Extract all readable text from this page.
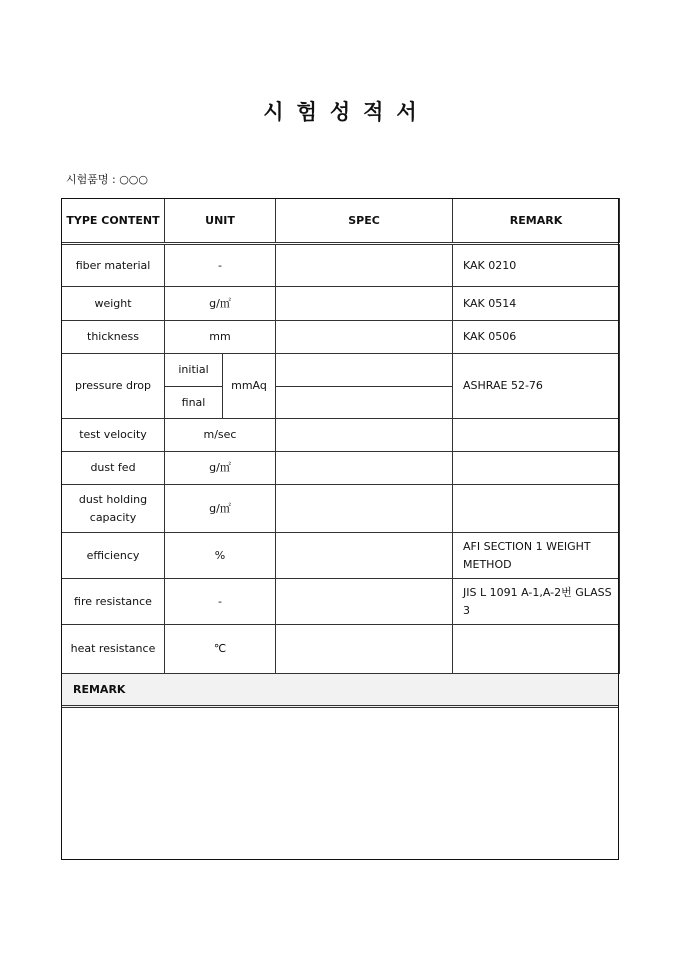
시험성적서
시험품명 : ○○○
TYPE CONTENT	UNIT		SPEC	REMARK
fiber material	-			KAK 0210
weight	g/㎡			KAK 0514
thickness	mm			KAK 0506
pressure drop	initial	mmAq		ASHRAE 52-76
	final			
test velocity	m/sec			
dust fed	g/㎡			
dust holding capacity	g/㎡			
efficiency	%			AFI SECTION 1 WEIGHT METHOD
fire resistance	-			JIS L 1091 A-1,A-2번 GLASS 3
heat resistance	℃			
REMARK
